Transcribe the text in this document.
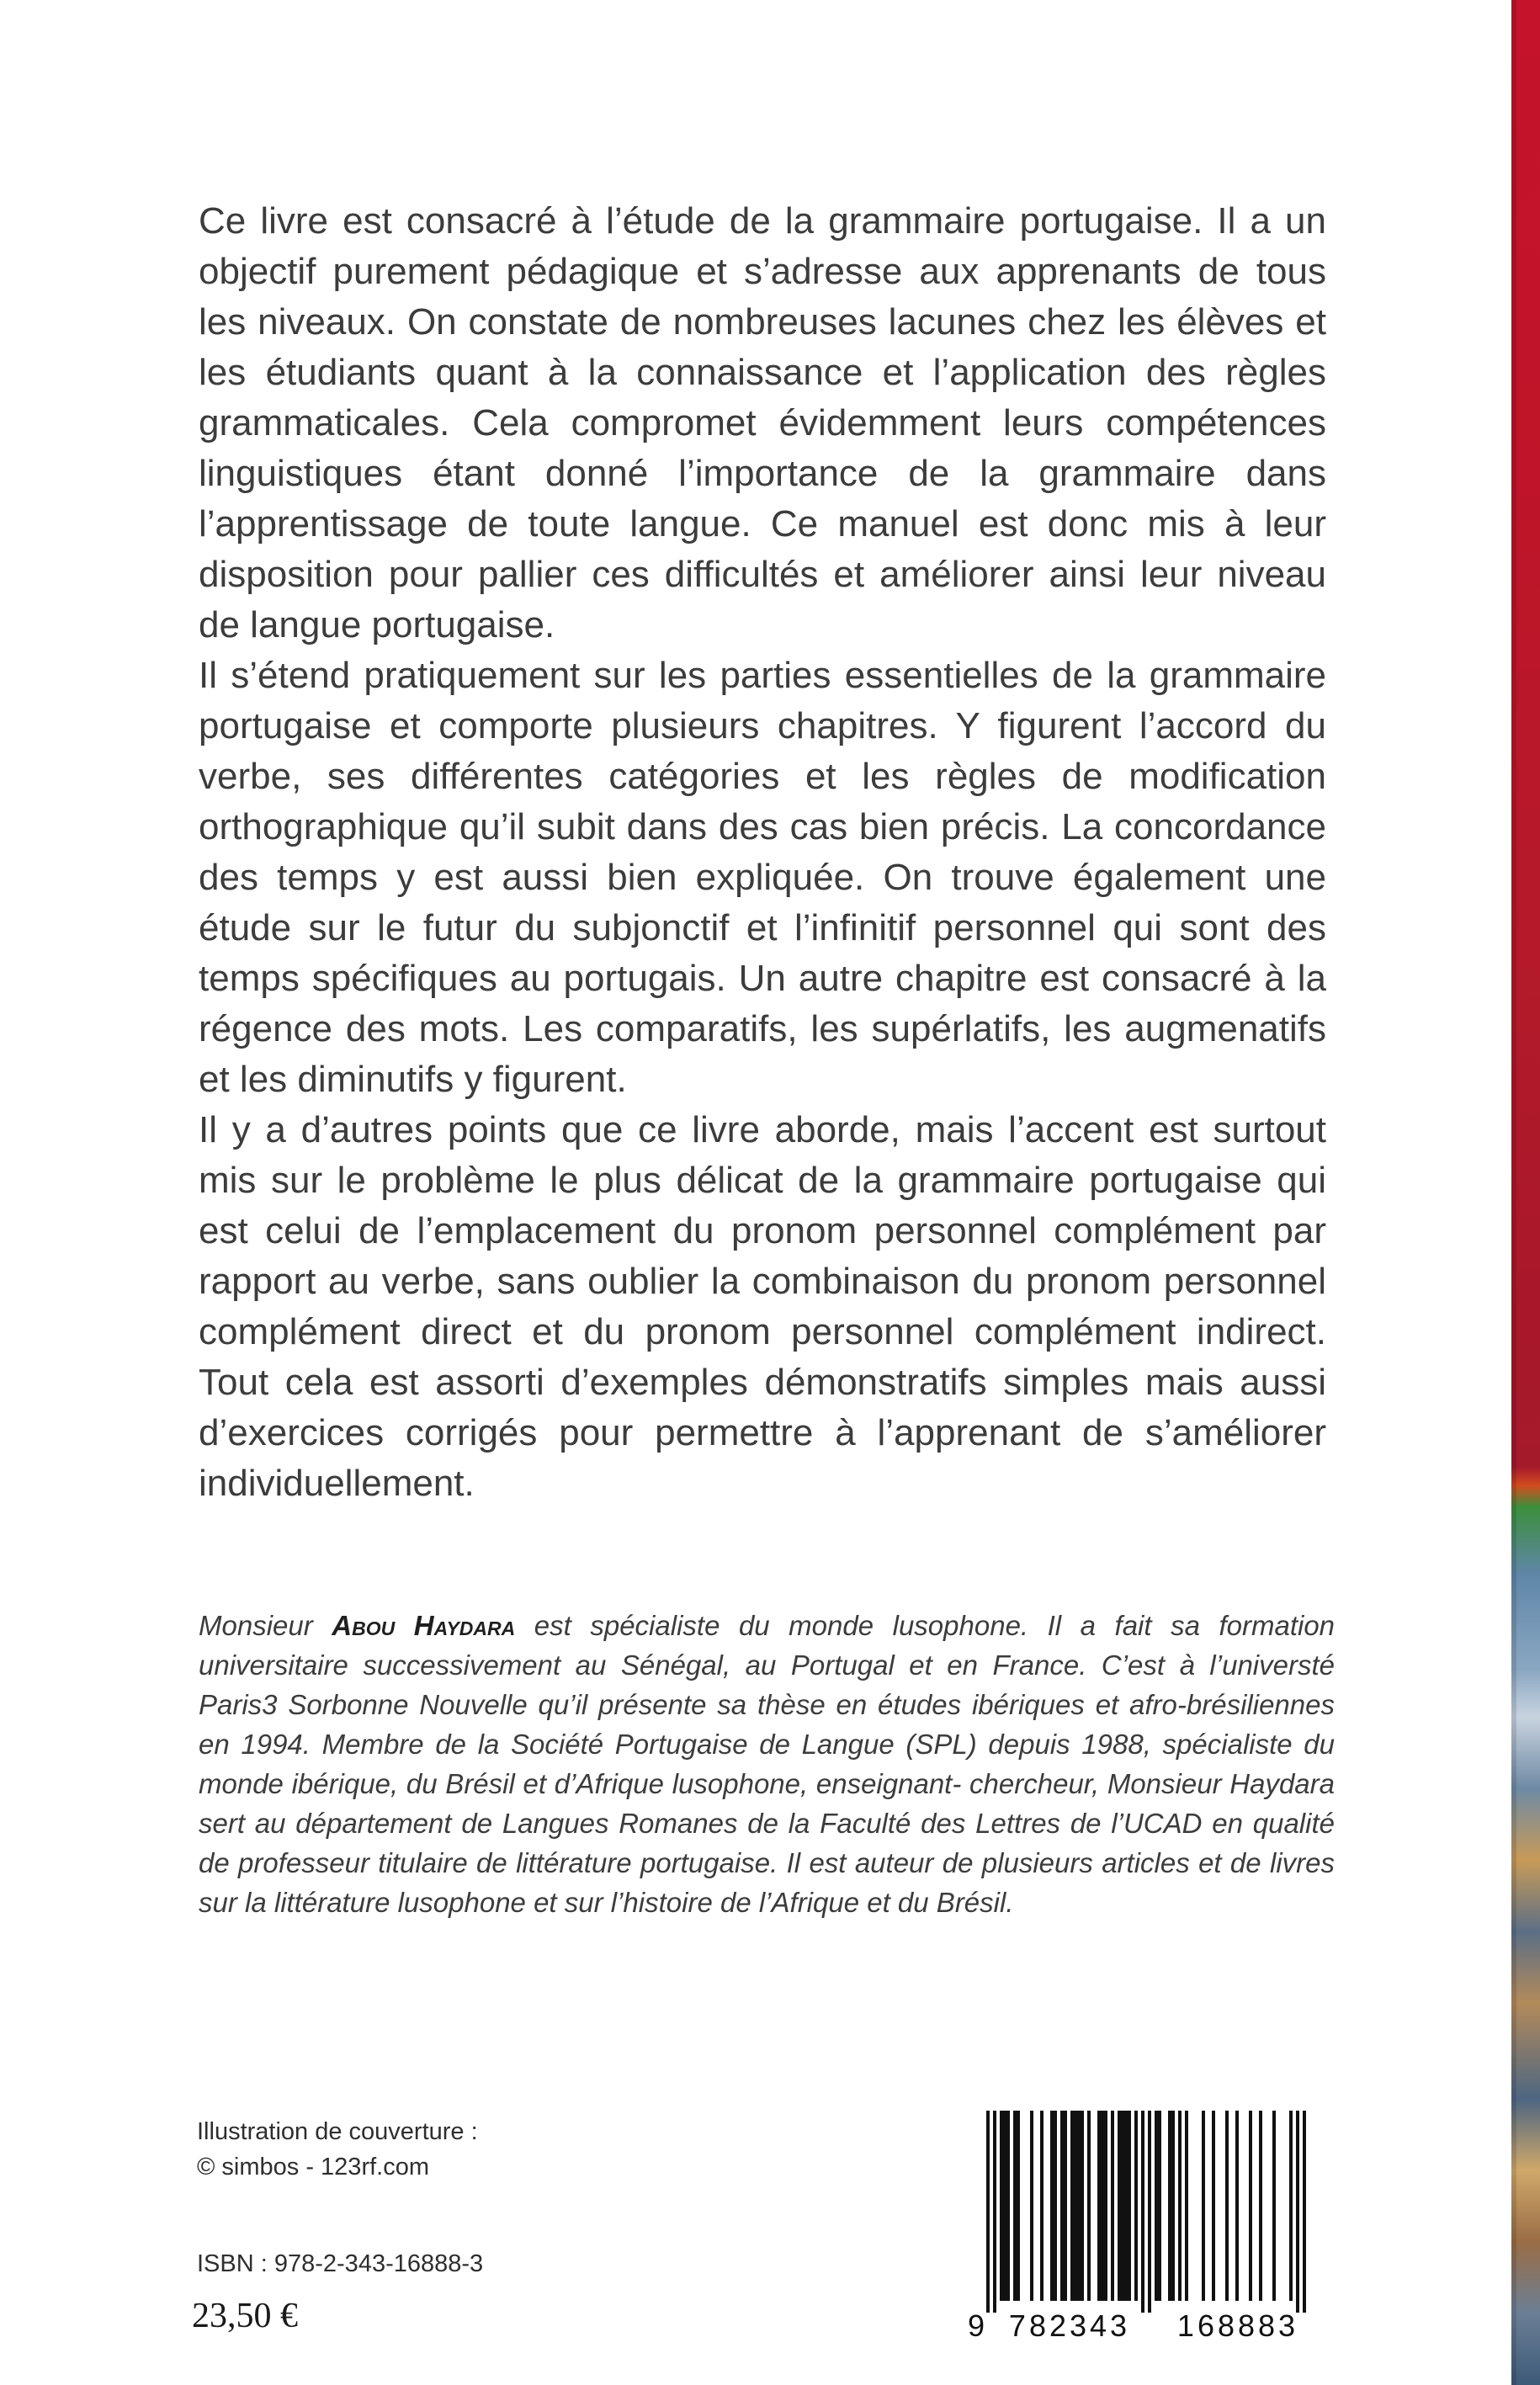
Ce livre est consacré à l’étude de la grammaire portugaise. Il a un objectif purement pédagique et s’adresse aux apprenants de tous les niveaux. On constate de nombreuses lacunes chez les élèves et les étudiants quant à la connaissance et l’application des règles grammaticales. Cela compromet évidemment leurs compétences linguistiques étant donné l’importance de la grammaire dans l’apprentissage de toute langue. Ce manuel est donc mis à leur disposition pour pallier ces difficultés et améliorer ainsi leur niveau de langue portugaise.

Il s’étend pratiquement sur les parties essentielles de la grammaire portugaise et comporte plusieurs chapitres. Y figurent l’accord du verbe, ses différentes catégories et les règles de modification orthographique qu’il subit dans des cas bien précis. La concordance des temps y est aussi bien expliquée. On trouve également une étude sur le futur du subjonctif et l’infinitif personnel qui sont des temps spécifiques au portugais. Un autre chapitre est consacré à la régence des mots. Les comparatifs, les supérlatifs, les augmenatifs et les diminutifs y figurent.

Il y a d’autres points que ce livre aborde, mais l’accent est surtout mis sur le problème le plus délicat de la grammaire portugaise qui est celui de l’emplacement du pronom personnel complément par rapport au verbe, sans oublier la combinaison du pronom personnel complément direct et du pronom personnel complément indirect. Tout cela est assorti d’exemples démonstratifs simples mais aussi d’exercices corrigés pour permettre à l’apprenant de s’améliorer individuellement.

Monsieur Abou Haydara est spécialiste du monde lusophone. Il a fait sa formation universitaire successivement au Sénégal, au Portugal et en France. C’est à l’universté Paris3 Sorbonne Nouvelle qu’il présente sa thèse en études ibériques et afro-brésiliennes en 1994. Membre de la Société Portugaise de Langue (SPL) depuis 1988, spécialiste du monde ibérique, du Brésil et d’Afrique lusophone, enseignant- chercheur, Monsieur Haydara sert au département de Langues Romanes de la Faculté des Lettres de l’UCAD en qualité de professeur titulaire de littérature portugaise. Il est auteur de plusieurs articles et de livres sur la littérature lusophone et sur l’histoire de l’Afrique et du Brésil.

Illustration de couverture :
© simbos - 123rf.com
ISBN : 978-2-343-16888-3
23,50 €	9 782343	168883
